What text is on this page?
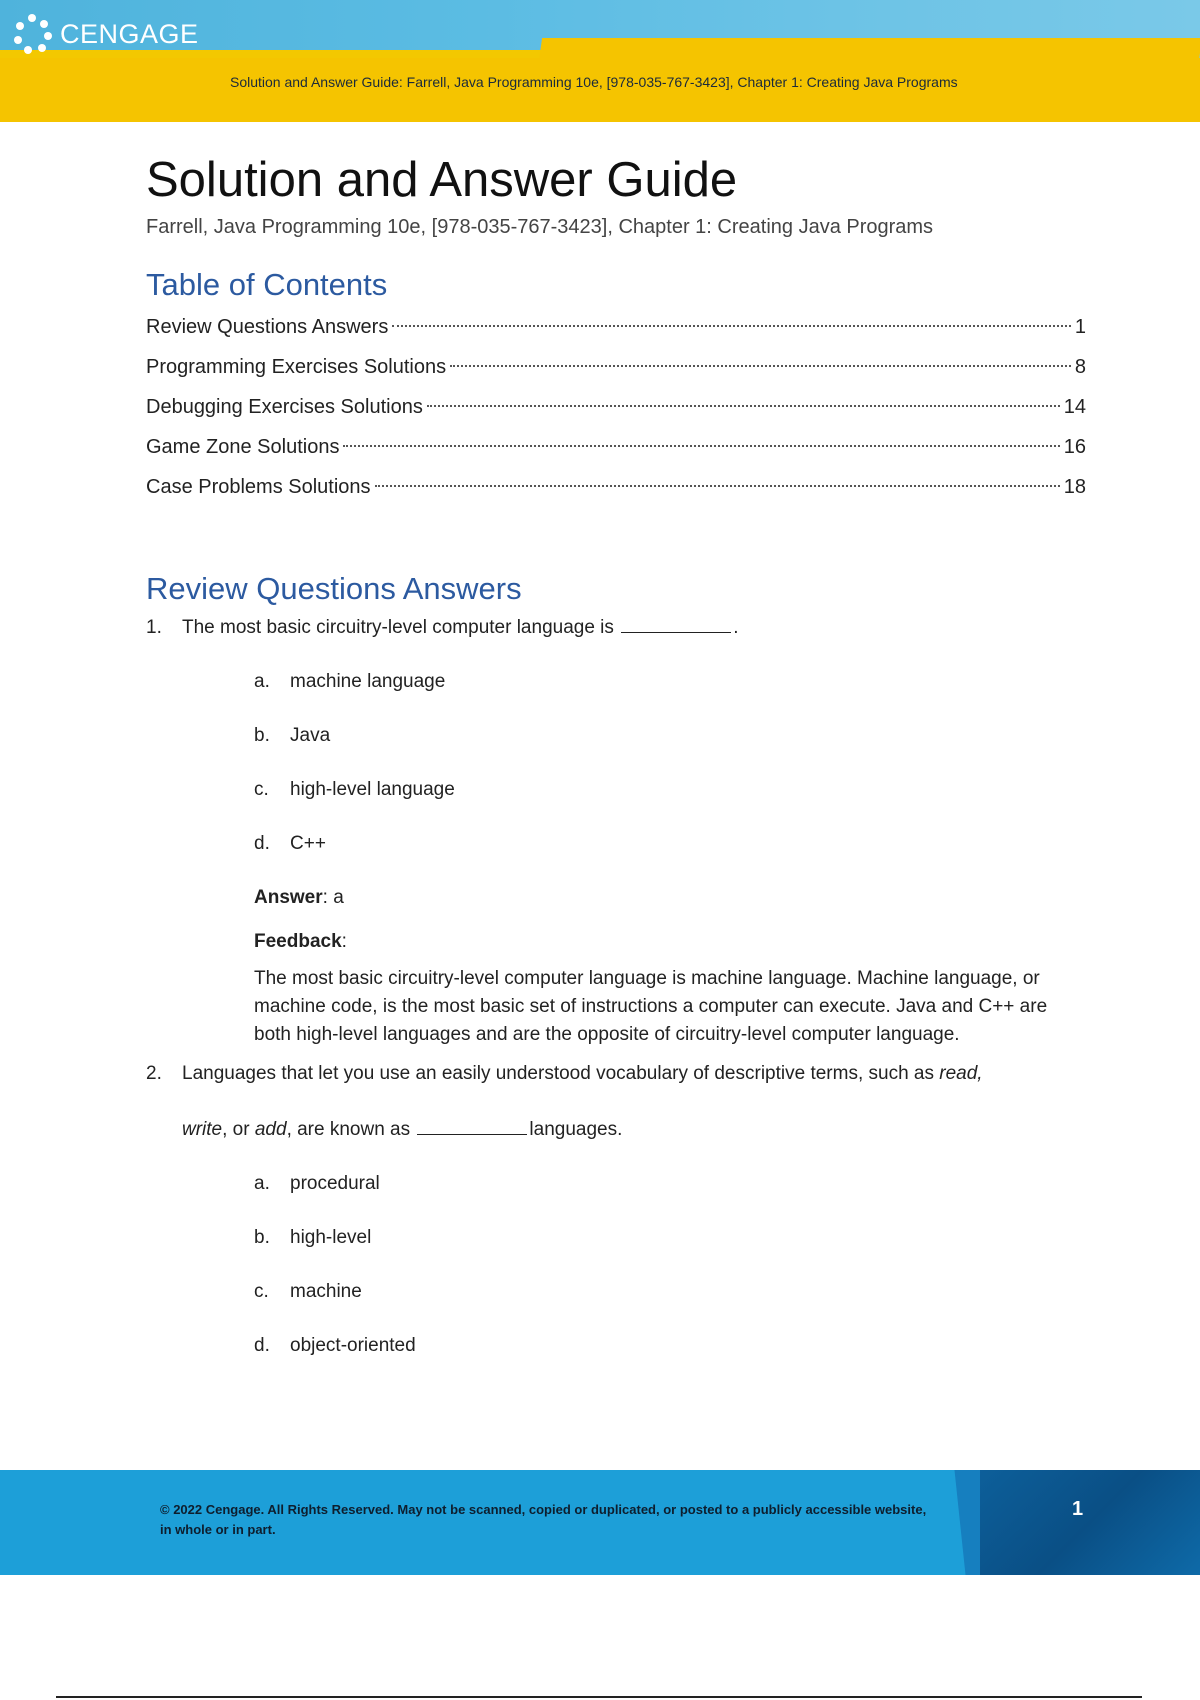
CENGAGE
Solution and Answer Guide: Farrell, Java Programming 10e, [978-035-767-3423], Chapter 1: Creating Java Programs
Solution and Answer Guide
Farrell, Java Programming 10e, [978-035-767-3423], Chapter 1: Creating Java Programs
Table of Contents
Review Questions Answers	1
Programming Exercises Solutions	8
Debugging Exercises Solutions	14
Game Zone Solutions	16
Case Problems Solutions	18
Review Questions Answers
1.	The most basic circuitry-level computer language is	.
a.	machine language
b.	Java
c.	high-level language
d.	C++
Answer: a
Feedback:
The most basic circuitry-level computer language is machine language. Machine language, or machine code, is the most basic set of instructions a computer can execute. Java and C++ are both high-level languages and are the opposite of circuitry-level computer language.
2.	Languages that let you use an easily understood vocabulary of descriptive terms, such as read,
write, or add, are known as	languages.
a.	procedural
b.	high-level
c.	machine
d.	object-oriented
© 2022 Cengage. All Rights Reserved. May not be scanned, copied or duplicated, or posted to a publicly accessible website, in whole or in part.
1
